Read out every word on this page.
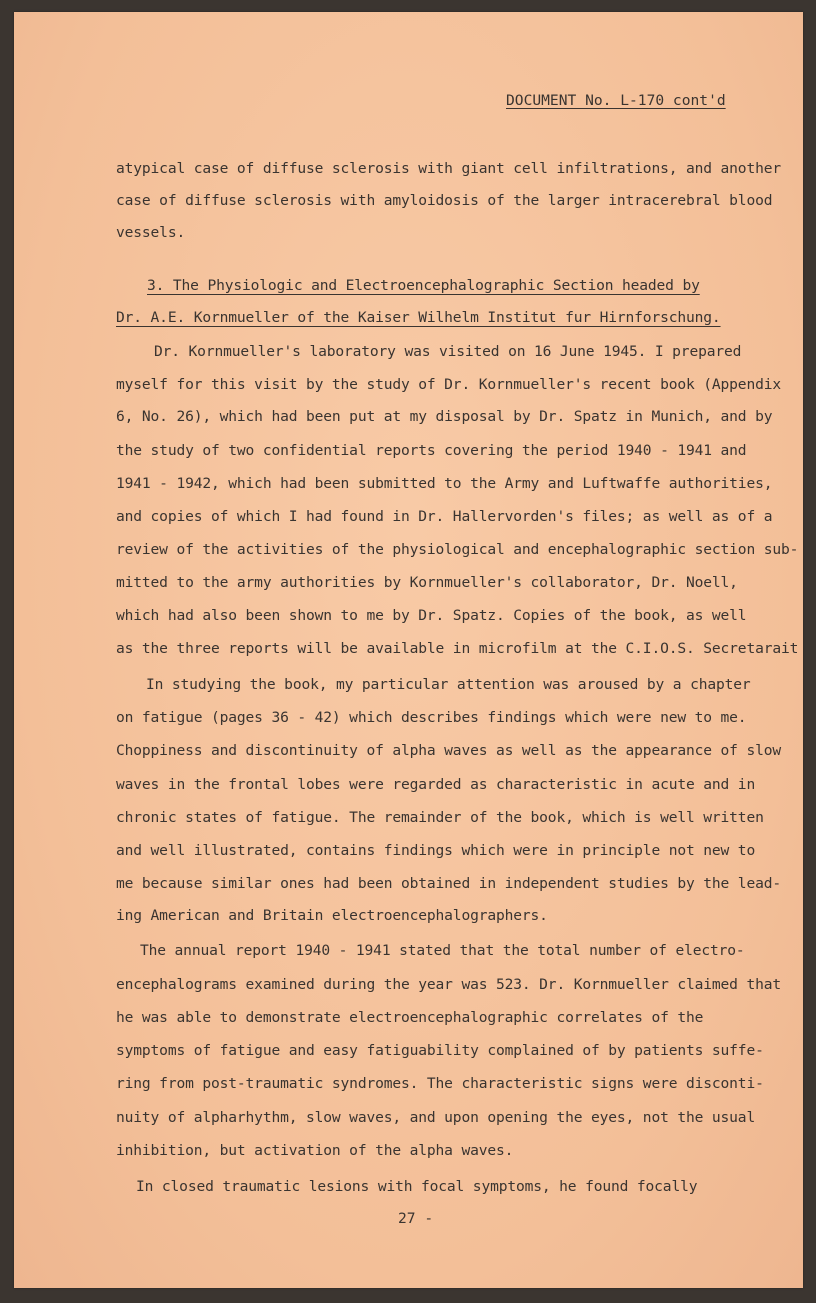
DOCUMENT No. L-170 cont'd
atypical case of diffuse sclerosis with giant cell infiltrations, and another
case of diffuse sclerosis with amyloidosis of the larger intracerebral blood
vessels.
3. The Physiologic and Electroencephalographic Section headed by
Dr. A.E. Kornmueller of the Kaiser Wilhelm Institut fur Hirnforschung.
Dr. Kornmueller's laboratory was visited on 16 June 1945. I prepared
myself for this visit by the study of Dr. Kornmueller's recent book (Appendix
6, No. 26), which had been put at my disposal by Dr. Spatz in Munich, and by
the study of two confidential reports covering the period 1940 - 1941 and
1941 - 1942, which had been submitted to the Army and Luftwaffe authorities,
and copies of which I had found in Dr. Hallervorden's files; as well as of a
review of the activities of the physiological and encephalographic section sub-
mitted to the army authorities by Kornmueller's collaborator, Dr. Noell,
which had also been shown to me by Dr. Spatz. Copies of the book, as well
as the three reports will be available in microfilm at the C.I.O.S. Secretarait
In studying the book, my particular attention was aroused by a chapter
on fatigue (pages 36 - 42) which describes findings which were new to me.
Choppiness and discontinuity of alpha waves as well as the appearance of slow
waves in the frontal lobes were regarded as characteristic in acute and in
chronic states of fatigue. The remainder of the book, which is well written
and well illustrated, contains findings which were in principle not new to
me because similar ones had been obtained in independent studies by the lead-
ing American and Britain electroencephalographers.
The annual report 1940 - 1941 stated that the total number of electro-
encephalograms examined during the year was 523. Dr. Kornmueller claimed that
he was able to demonstrate electroencephalographic correlates of the
symptoms of fatigue and easy fatiguability complained of by patients suffe-
ring from post-traumatic syndromes. The characteristic signs were disconti-
nuity of alpharhythm, slow waves, and upon opening the eyes, not the usual
inhibition, but activation of the alpha waves.
In closed traumatic lesions with focal symptoms, he found focally
27 -
